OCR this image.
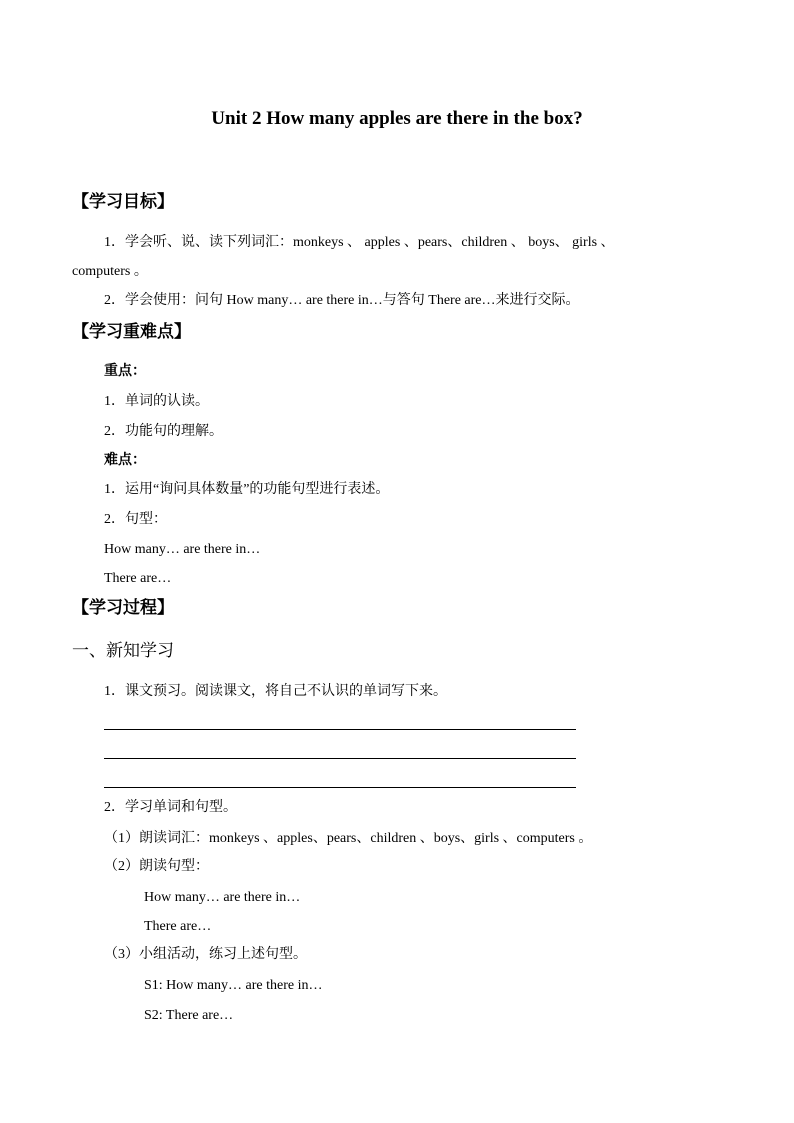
Unit 2 How many apples are there in the box?
【学习目标】
1．学会听、说、读下列词汇：monkeys 、 apples 、pears、children 、 boys、 girls 、
computers 。
2．学会使用：问句 How many… are there in…与答句 There are…来进行交际。
【学习重难点】
重点：
1．单词的认读。
2．功能句的理解。
难点：
1．运用“询问具体数量”的功能句型进行表述。
2．句型：
How many… are there in…
There are…
【学习过程】
一、新知学习
1．课文预习。阅读课文，将自己不认识的单词写下来。
2．学习单词和句型。
（1）朗读词汇：monkeys 、apples、pears、children 、boys、girls 、computers 。
（2）朗读句型：
How many… are there in…
There are…
（3）小组活动，练习上述句型。
S1: How many… are there in…
S2: There are…
